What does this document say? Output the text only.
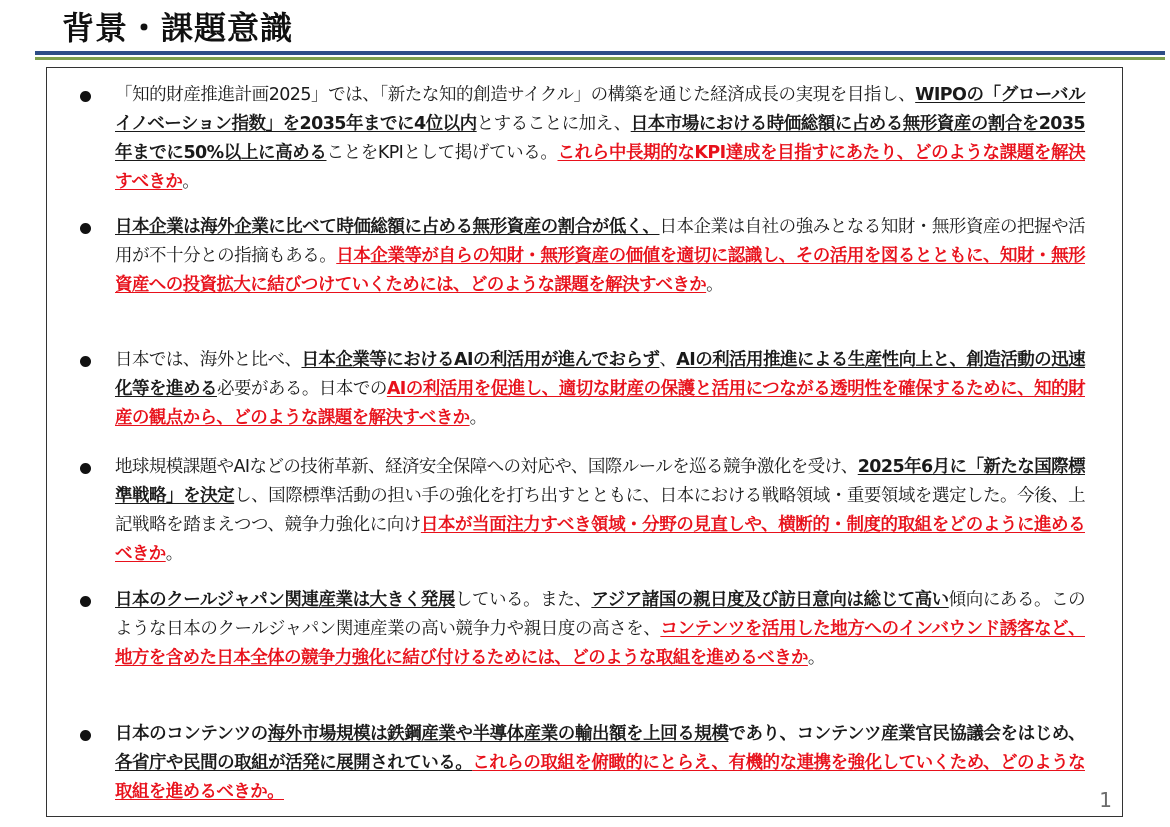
背景・課題意識

「知的財産推進計画2025」では、「新たな知的創造サイクル」の構築を通じた経済成長の実現を目指し、WIPOの「グローバルイノベーション指数」を2035年までに4位以内とすることに加え、日本市場における時価総額に占める無形資産の割合を2035年までに50%以上に高めることをKPIとして掲げている。これら中長期的なKPI達成を目指すにあたり、どのような課題を解決すべきか。

日本企業は海外企業に比べて時価総額に占める無形資産の割合が低く、日本企業は自社の強みとなる知財・無形資産の把握や活用が不十分との指摘もある。日本企業等が自らの知財・無形資産の価値を適切に認識し、その活用を図るとともに、知財・無形資産への投資拡大に結びつけていくためには、どのような課題を解決すべきか。

日本では、海外と比べ、日本企業等におけるAIの利活用が進んでおらず、AIの利活用推進による生産性向上と、創造活動の迅速化等を進める必要がある。日本でのAIの利活用を促進し、適切な財産の保護と活用につながる透明性を確保するために、知的財産の観点から、どのような課題を解決すべきか。

地球規模課題やAIなどの技術革新、経済安全保障への対応や、国際ルールを巡る競争激化を受け、2025年6月に「新たな国際標準戦略」を決定し、国際標準活動の担い手の強化を打ち出すとともに、日本における戦略領域・重要領域を選定した。今後、上記戦略を踏まえつつ、競争力強化に向け日本が当面注力すべき領域・分野の見直しや、横断的・制度的取組をどのように進めるべきか。

日本のクールジャパン関連産業は大きく発展している。また、アジア諸国の親日度及び訪日意向は総じて高い傾向にある。このような日本のクールジャパン関連産業の高い競争力や親日度の高さを、コンテンツを活用した地方へのインバウンド誘客など、地方を含めた日本全体の競争力強化に結び付けるためには、どのような取組を進めるべきか。

日本のコンテンツの海外市場規模は鉄鋼産業や半導体産業の輸出額を上回る規模であり、コンテンツ産業官民協議会をはじめ、各省庁や民間の取組が活発に展開されている。これらの取組を俯瞰的にとらえ、有機的な連携を強化していくため、どのような取組を進めるべきか。	1
